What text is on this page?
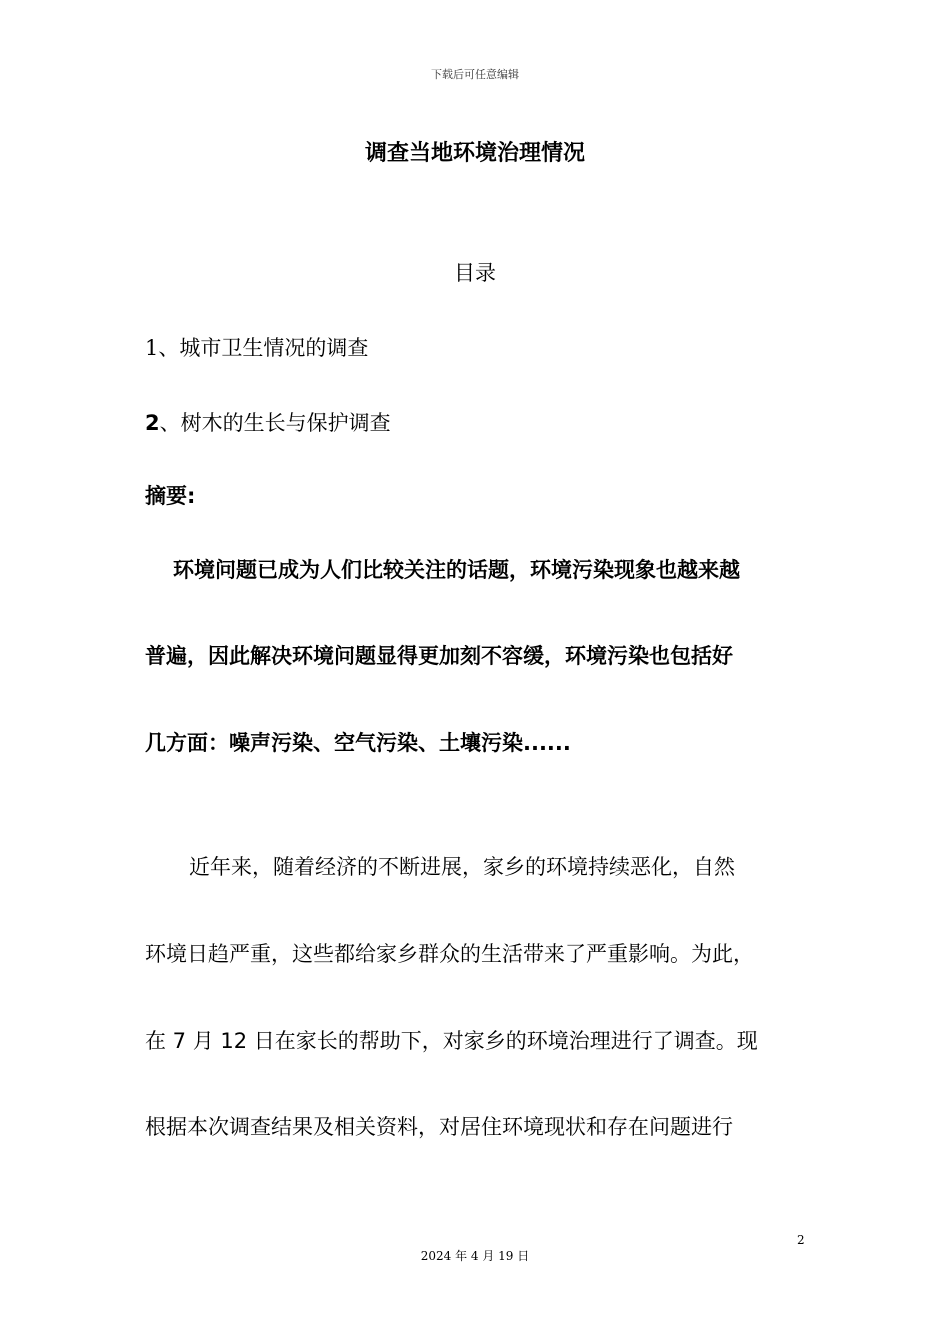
下载后可任意编辑
调查当地环境治理情况
目录
1、城市卫生情况的调查
2、树木的生长与保护调查
摘要:
环境问题已成为人们比较关注的话题，环境污染现象也越来越
普遍，因此解决环境问题显得更加刻不容缓，环境污染也包括好
几方面：噪声污染、空气污染、土壤污染......
近年来，随着经济的不断进展，家乡的环境持续恶化，自然
环境日趋严重，这些都给家乡群众的生活带来了严重影响。为此，
在 7 月 12 日在家长的帮助下，对家乡的环境治理进行了调查。现
根据本次调查结果及相关资料，对居住环境现状和存在问题进行
2
2024 年 4 月 19 日
